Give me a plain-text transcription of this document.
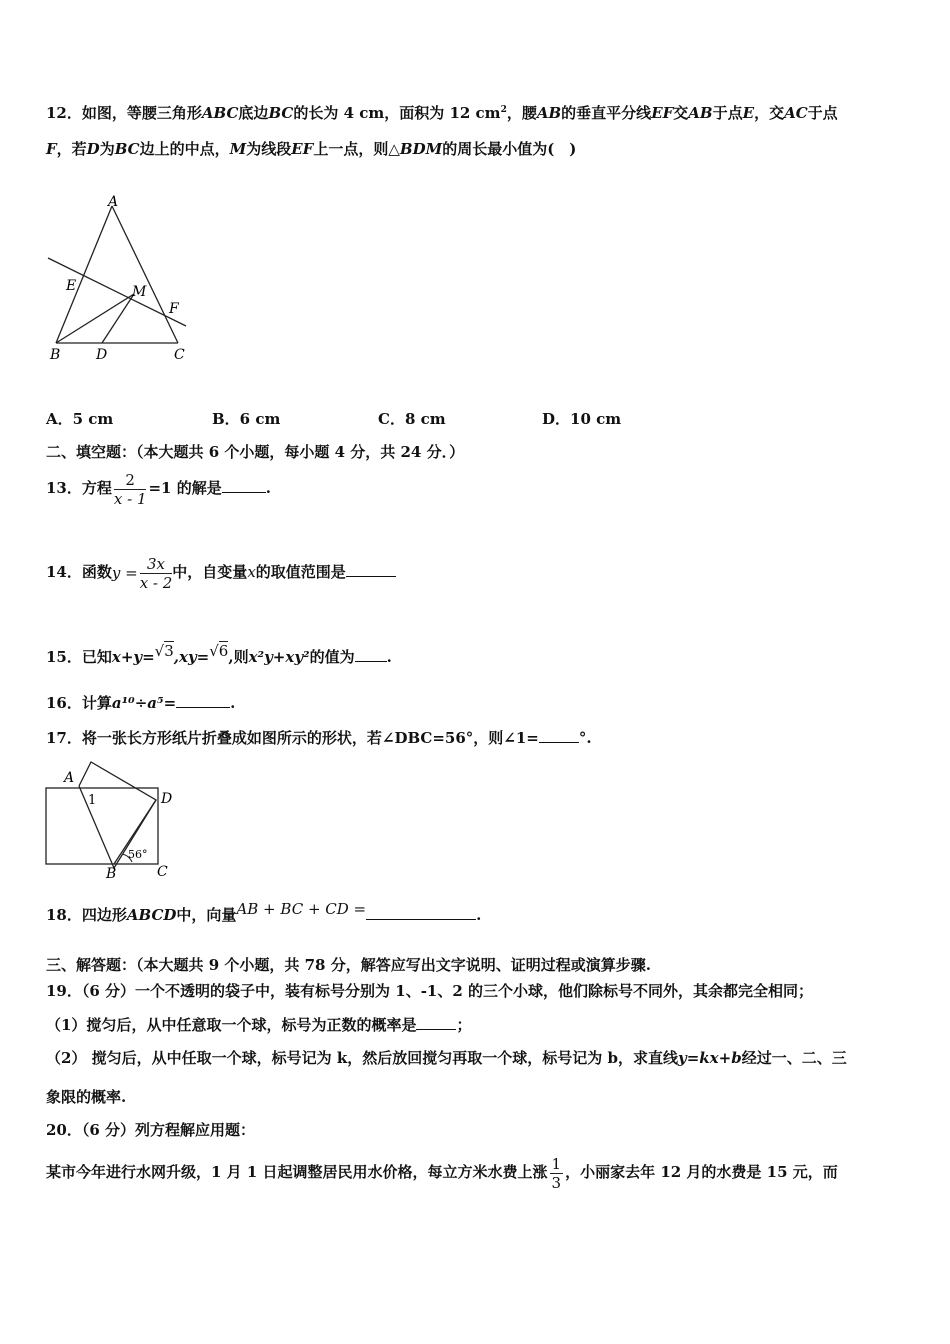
12．如图，等腰三角形ABC底边BC的长为 4 cm，面积为 12 $cm^2$，腰AB的垂直平分线EF交AB于点E，交AC于点
F，若D为BC边上的中点，M为线段EF上一点，则△BDM的周长最小值为(　)
A
E	M
F
B	D	C
A．5 cm	B．6 cm	C．8 cm	D．10 cm
二、填空题：（本大题共 6 个小题，每小题 4 分，共 24 分．）
13．方程 $\frac{2}{x - 1} =1$ 的解是	.
14．函数$y = \frac{3x}{x - 2}$ 中，自变量x的取值范围是
15．已知x+y=√3,xy=√6,则x²y+xy²的值为 .
16．计算a¹⁰÷a⁵=	.
17．将一张长方形纸片折叠成如图所示的形状，若∠DBC=56°，则∠1=	°.
A
1	D
56°
B	C
18．四边形ABCD中，向量AB + BC + CD =	.
三、解答题：（本大题共 9 个小题，共 78 分，解答应写出文字说明、证明过程或演算步骤.
19．（6 分）一个不透明的袋子中，装有标号分别为 1、-1、2 的三个小球，他们除标号不同外，其余都完全相同；
（1）搅匀后，从中任意取一个球，标号为正数的概率是	；
（2） 搅匀后，从中任取一个球，标号记为 k，然后放回搅匀再取一个球，标号记为 b，求直线y=kx+b经过一、二、三
象限的概率.
20．（6 分）列方程解应用题：
某市今年进行水网升级，1 月 1 日起调整居民用水价格，每立方米水费上涨 $\frac{1}{3}$ ，小丽家去年 12 月的水费是 15 元，而
